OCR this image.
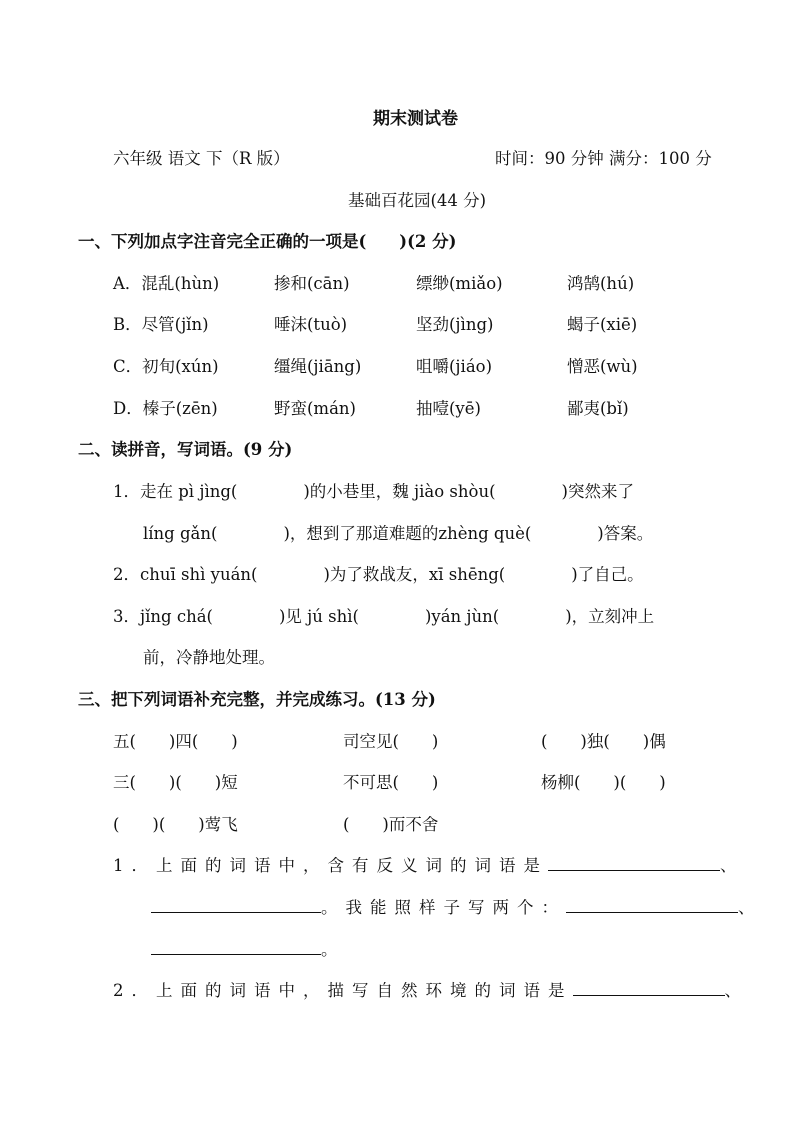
期末测试卷
六年级 语文 下（R 版）	时间：90 分钟 满分：100 分
基础百花园(44 分)
一、下列加点字注音完全正确的一项是(　　)(2 分)
A．混乱(hùn)	掺和(cān)	缥缈(miǎo)	鸿鹄(hú)
B．尽管(jǐn)	唾沫(tuò)	坚劲(jìng)	蝎子(xiē)
C．初旬(xún)	缰绳(jiāng)	咀嚼(jiáo)	憎恶(wù)
D．榛子(zēn)	野蛮(mán)	抽噎(yē)	鄙夷(bǐ)
二、读拼音，写词语。(9 分)
1．走在 pì jìng(　　　　)的小巷里，魏 jiào shòu(　　　　)突然来了
líng gǎn(　　　　)，想到了那道难题的zhèng què(　　　　)答案。
2．chuī shì yuán(　　　　)为了救战友，xī shēng(　　　　)了自己。
3．jǐng chá(　　　　)见 jú shì(　　　　)yán jùn(　　　　)，立刻冲上
前，冷静地处理。
三、把下列词语补充完整，并完成练习。(13 分)
五(　　)四(　　)	司空见(　　)	(　　)独(　　)偶
三(　　)(　　)短	不可思(　　)	杨柳(　　)(　　)
(　　)(　　)莺飞	(　　)而不舍
1．上面的词语中，含有反义词的词语是	、
。我能照样子写两个：	、
。
2．上面的词语中，描写自然环境的词语是	、
